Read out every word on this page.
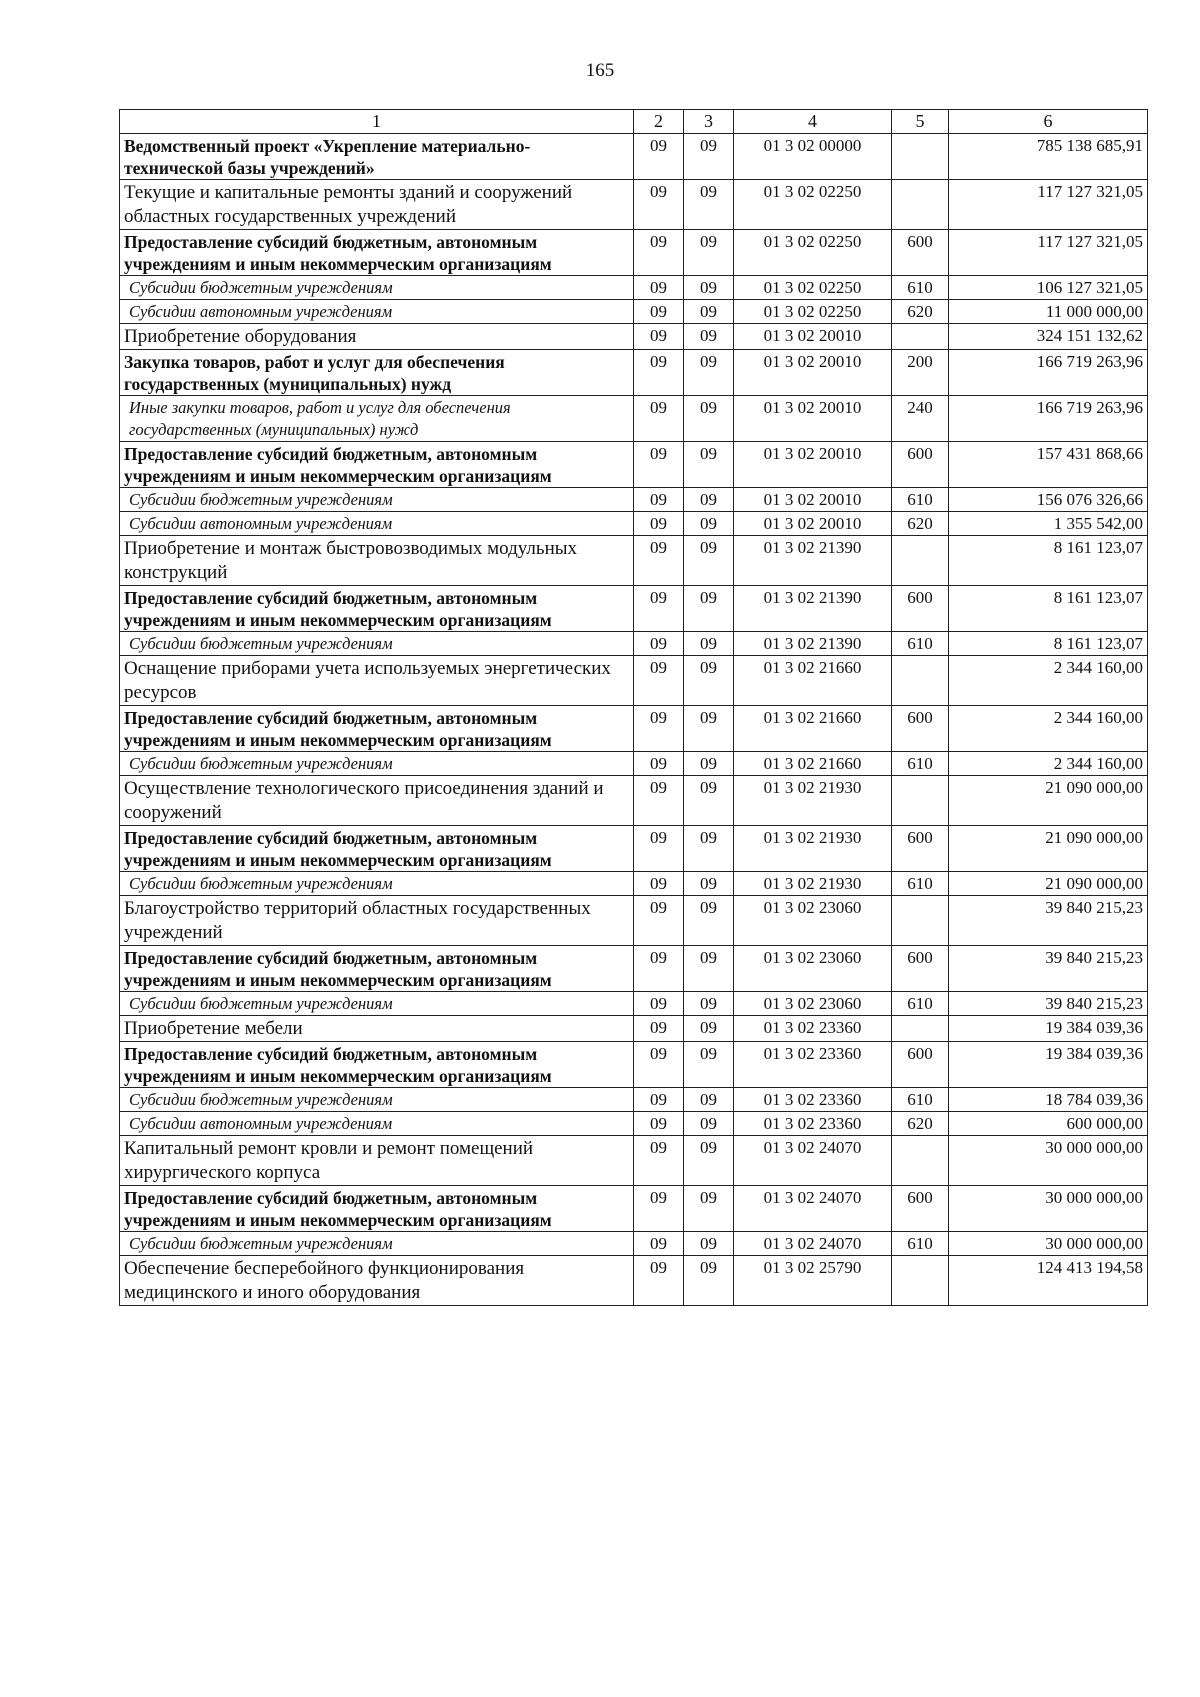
165
1	2	3	4	5	6
Ведомственный проект «Укрепление материально-технической базы учреждений»	09	09	01 3 02 00000		785 138 685,91
Текущие и капитальные ремонты зданий и сооружений областных государственных учреждений	09	09	01 3 02 02250		117 127 321,05
Предоставление субсидий бюджетным, автономным учреждениям и иным некоммерческим организациям	09	09	01 3 02 02250	600	117 127 321,05
Субсидии бюджетным учреждениям	09	09	01 3 02 02250	610	106 127 321,05
Субсидии автономным учреждениям	09	09	01 3 02 02250	620	11 000 000,00
Приобретение оборудования	09	09	01 3 02 20010		324 151 132,62
Закупка товаров, работ и услуг для обеспечения государственных (муниципальных) нужд	09	09	01 3 02 20010	200	166 719 263,96
Иные закупки товаров, работ и услуг для обеспечения государственных (муниципальных) нужд	09	09	01 3 02 20010	240	166 719 263,96
Предоставление субсидий бюджетным, автономным учреждениям и иным некоммерческим организациям	09	09	01 3 02 20010	600	157 431 868,66
Субсидии бюджетным учреждениям	09	09	01 3 02 20010	610	156 076 326,66
Субсидии автономным учреждениям	09	09	01 3 02 20010	620	1 355 542,00
Приобретение и монтаж быстровозводимых модульных конструкций	09	09	01 3 02 21390		8 161 123,07
Предоставление субсидий бюджетным, автономным учреждениям и иным некоммерческим организациям	09	09	01 3 02 21390	600	8 161 123,07
Субсидии бюджетным учреждениям	09	09	01 3 02 21390	610	8 161 123,07
Оснащение приборами учета используемых энергетических ресурсов	09	09	01 3 02 21660		2 344 160,00
Предоставление субсидий бюджетным, автономным учреждениям и иным некоммерческим организациям	09	09	01 3 02 21660	600	2 344 160,00
Субсидии бюджетным учреждениям	09	09	01 3 02 21660	610	2 344 160,00
Осуществление технологического присоединения зданий и сооружений	09	09	01 3 02 21930		21 090 000,00
Предоставление субсидий бюджетным, автономным учреждениям и иным некоммерческим организациям	09	09	01 3 02 21930	600	21 090 000,00
Субсидии бюджетным учреждениям	09	09	01 3 02 21930	610	21 090 000,00
Благоустройство территорий областных государственных учреждений	09	09	01 3 02 23060		39 840 215,23
Предоставление субсидий бюджетным, автономным учреждениям и иным некоммерческим организациям	09	09	01 3 02 23060	600	39 840 215,23
Субсидии бюджетным учреждениям	09	09	01 3 02 23060	610	39 840 215,23
Приобретение мебели	09	09	01 3 02 23360		19 384 039,36
Предоставление субсидий бюджетным, автономным учреждениям и иным некоммерческим организациям	09	09	01 3 02 23360	600	19 384 039,36
Субсидии бюджетным учреждениям	09	09	01 3 02 23360	610	18 784 039,36
Субсидии автономным учреждениям	09	09	01 3 02 23360	620	600 000,00
Капитальный ремонт кровли и ремонт помещений хирургического корпуса	09	09	01 3 02 24070		30 000 000,00
Предоставление субсидий бюджетным, автономным учреждениям и иным некоммерческим организациям	09	09	01 3 02 24070	600	30 000 000,00
Субсидии бюджетным учреждениям	09	09	01 3 02 24070	610	30 000 000,00
Обеспечение бесперебойного функционирования медицинского и иного оборудования	09	09	01 3 02 25790		124 413 194,58
